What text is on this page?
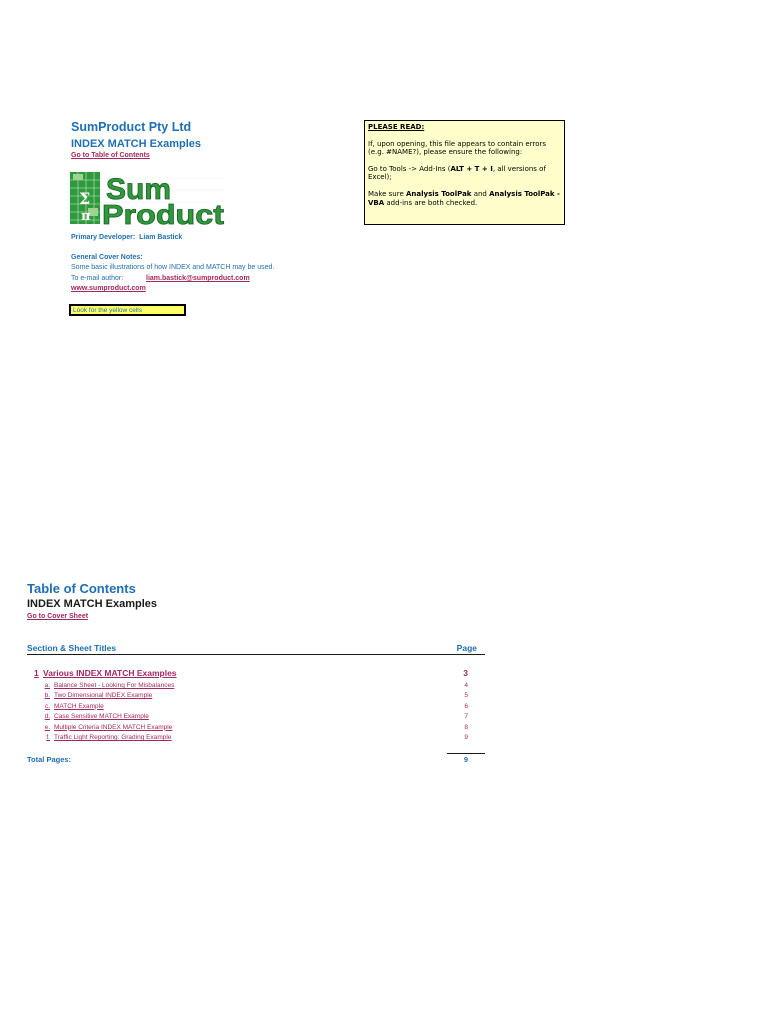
SumProduct Pty Ltd
INDEX MATCH Examples
Go to Table of Contents
Σ
π
Sum
Product
Primary Developer: Liam Bastick
General Cover Notes:
Some basic illustrations of how INDEX and MATCH may be used.
To e-mail author:	liam.bastick@sumproduct.com
www.sumproduct.com
Look for the yellow cells

PLEASE READ:

If, upon opening, this file appears to contain errors (e.g. #NAME?), please ensure the following:

Go to Tools -> Add-Ins (ALT + T + I, all versions of Excel);

Make sure Analysis ToolPak and Analysis ToolPak - VBA add-ins are both checked.

Table of Contents
INDEX MATCH Examples
Go to Cover Sheet
Section & Sheet Titles	Page
1 Various INDEX MATCH Examples	3
a. Balance Sheet - Looking For Misbalances	4
b. Two Dimensional INDEX Example	5
c. MATCH Example	6
d. Case Sensitive MATCH Example	7
e. Multiple Criteria INDEX MATCH Example	8
f. Traffic Light Reporting: Grading Example	9
Total Pages:	9
